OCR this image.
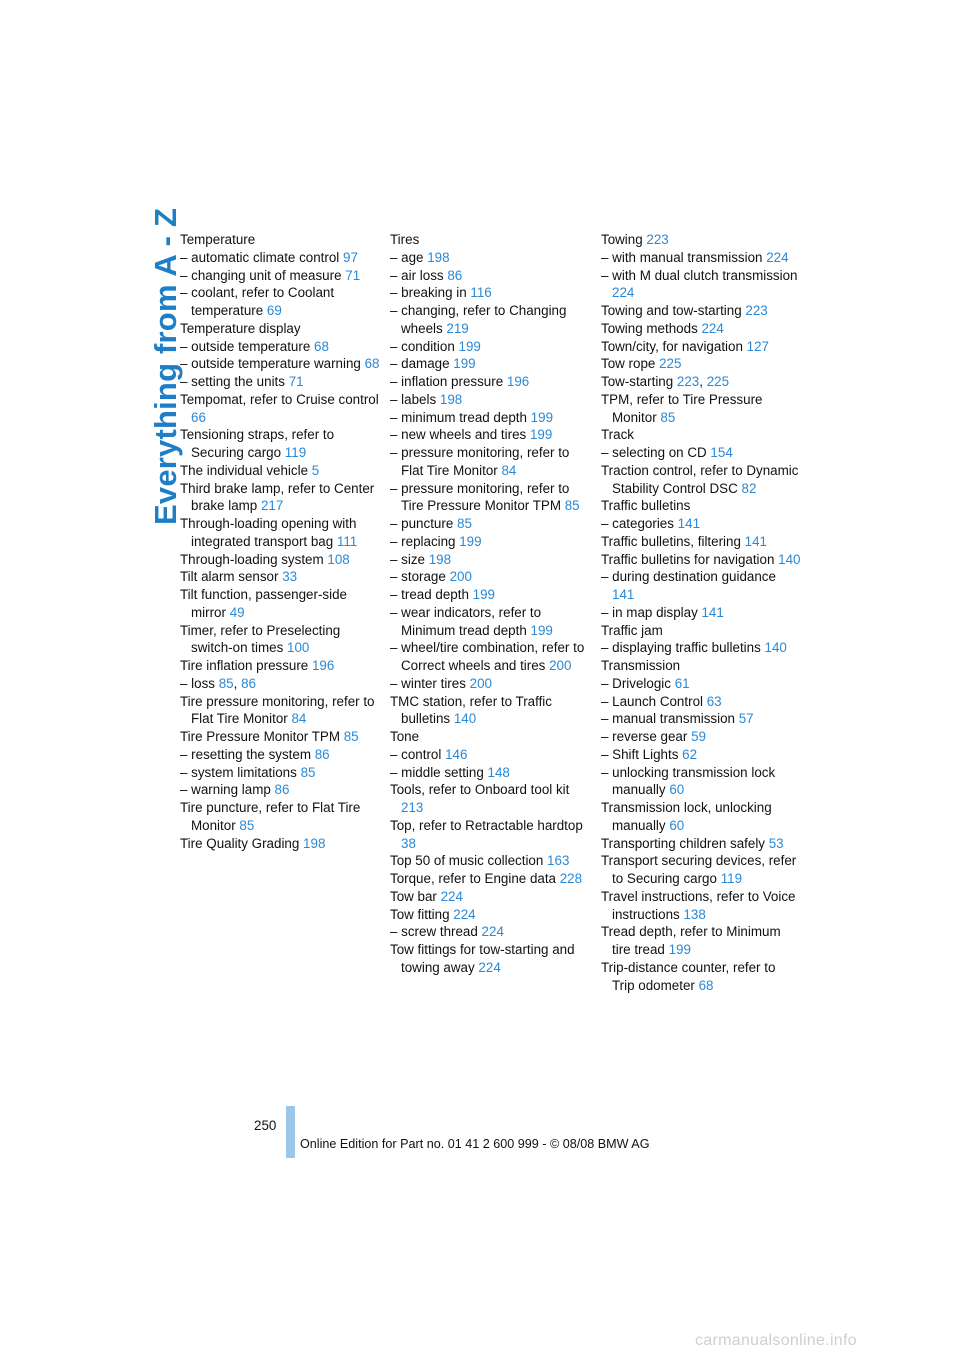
Everything from A - Z
Temperature
– automatic climate control 97
– changing unit of measure 71
– coolant, refer to Coolant temperature 69
Temperature display
– outside temperature 68
– outside temperature warning 68
– setting the units 71
Tempomat, refer to Cruise control 66
Tensioning straps, refer to Securing cargo 119
The individual vehicle 5
Third brake lamp, refer to Center brake lamp 217
Through-loading opening with integrated transport bag 111
Through-loading system 108
Tilt alarm sensor 33
Tilt function, passenger-side mirror 49
Timer, refer to Preselecting switch-on times 100
Tire inflation pressure 196
– loss 85, 86
Tire pressure monitoring, refer to Flat Tire Monitor 84
Tire Pressure Monitor TPM 85
– resetting the system 86
– system limitations 85
– warning lamp 86
Tire puncture, refer to Flat Tire Monitor 85
Tire Quality Grading 198
Tires
– age 198
– air loss 86
– breaking in 116
– changing, refer to Changing wheels 219
– condition 199
– damage 199
– inflation pressure 196
– labels 198
– minimum tread depth 199
– new wheels and tires 199
– pressure monitoring, refer to Flat Tire Monitor 84
– pressure monitoring, refer to Tire Pressure Monitor TPM 85
– puncture 85
– replacing 199
– size 198
– storage 200
– tread depth 199
– wear indicators, refer to Minimum tread depth 199
– wheel/tire combination, refer to Correct wheels and tires 200
– winter tires 200
TMC station, refer to Traffic bulletins 140
Tone
– control 146
– middle setting 148
Tools, refer to Onboard tool kit 213
Top, refer to Retractable hardtop 38
Top 50 of music collection 163
Torque, refer to Engine data 228
Tow bar 224
Tow fitting 224
– screw thread 224
Tow fittings for tow-starting and towing away 224
Towing 223
– with manual transmission 224
– with M dual clutch transmission 224
Towing and tow-starting 223
Towing methods 224
Town/city, for navigation 127
Tow rope 225
Tow-starting 223, 225
TPM, refer to Tire Pressure Monitor 85
Track
– selecting on CD 154
Traction control, refer to Dynamic Stability Control DSC 82
Traffic bulletins
– categories 141
Traffic bulletins, filtering 141
Traffic bulletins for navigation 140
– during destination guidance 141
– in map display 141
Traffic jam
– displaying traffic bulletins 140
Transmission
– Drivelogic 61
– Launch Control 63
– manual transmission 57
– reverse gear 59
– Shift Lights 62
– unlocking transmission lock manually 60
Transmission lock, unlocking manually 60
Transporting children safely 53
Transport securing devices, refer to Securing cargo 119
Travel instructions, refer to Voice instructions 138
Tread depth, refer to Minimum tire tread 199
Trip-distance counter, refer to Trip odometer 68
250
Online Edition for Part no. 01 41 2 600 999 - © 08/08 BMW AG
carmanualsonline.info
